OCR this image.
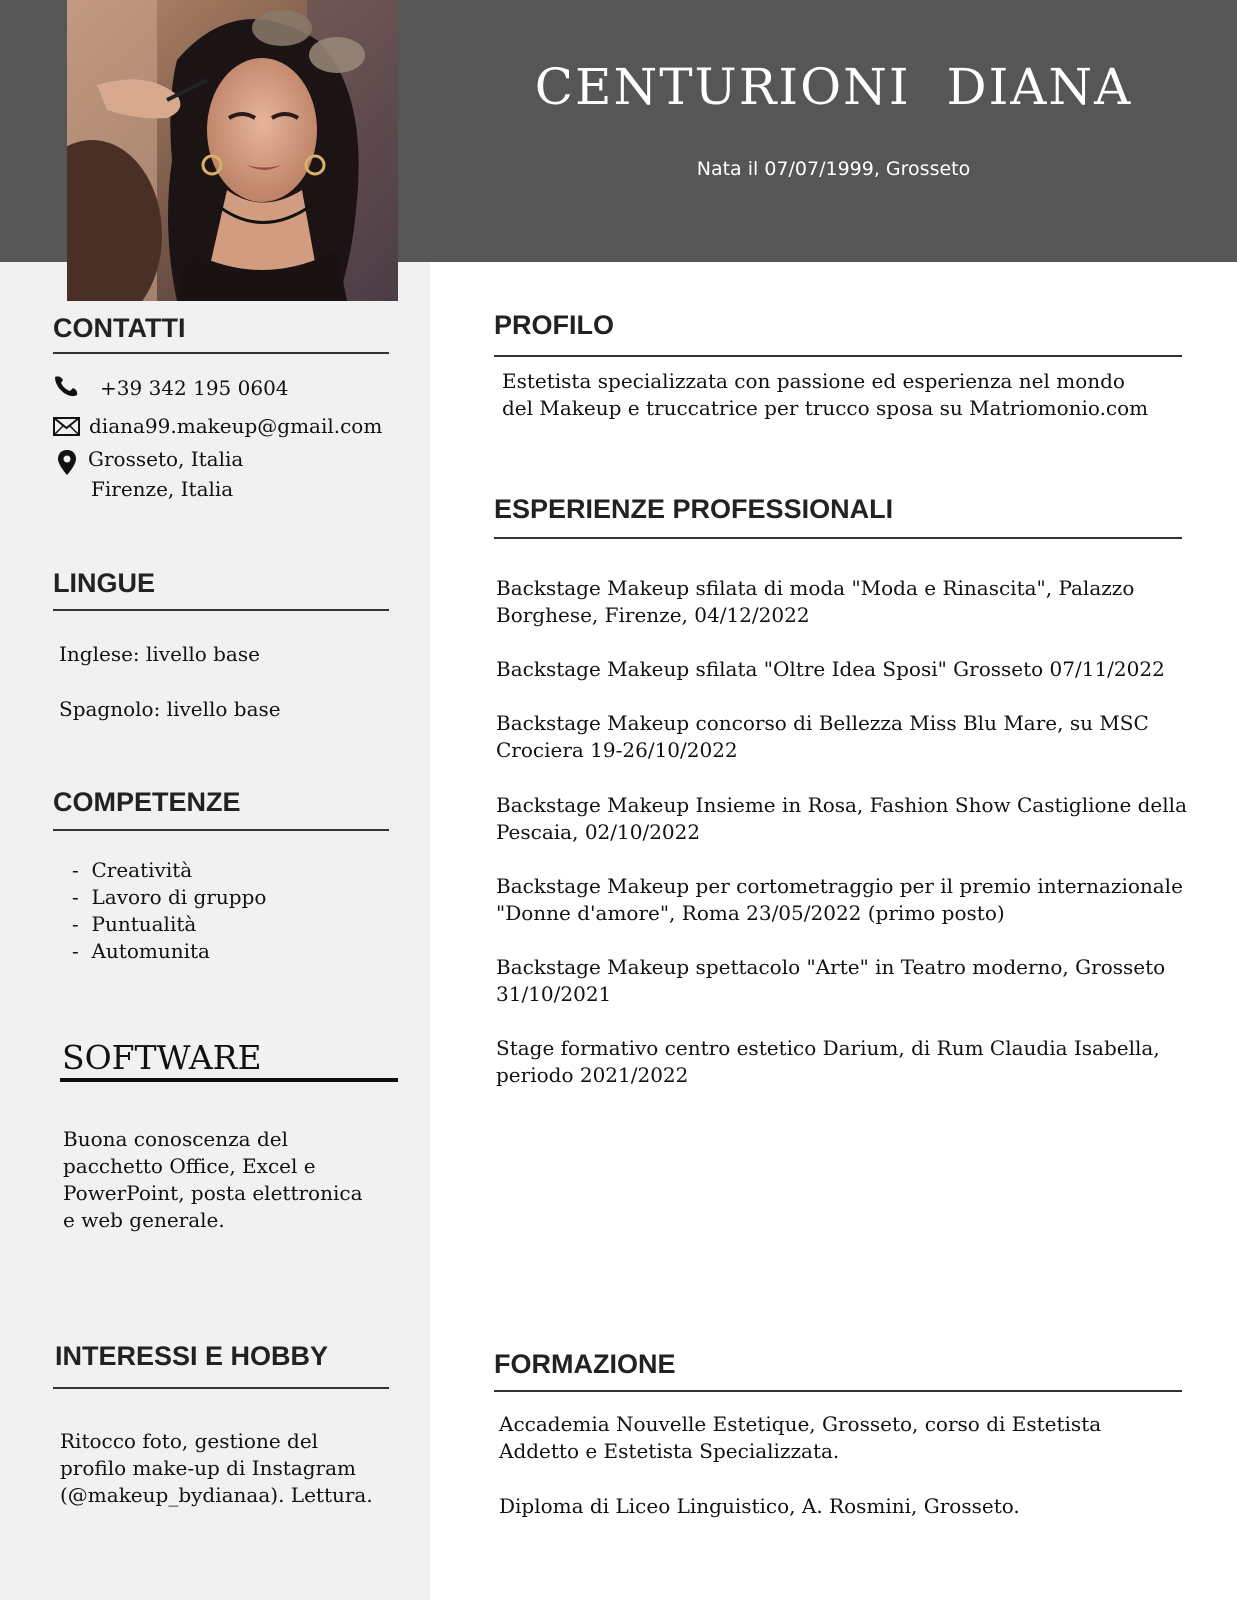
CENTURIONI DIANA
Nata il 07/07/1999, Grosseto
CONTATTI
+39 342 195 0604
diana99.makeup@gmail.com
Grosseto, Italia
Firenze, Italia
LINGUE
Inglese: livello base
Spagnolo: livello base
COMPETENZE
-  Creatività
-  Lavoro di gruppo
-  Puntualità
-  Automunita
SOFTWARE

Buona conoscenza del pacchetto Office, Excel e PowerPoint, posta elettronica e web generale.

INTERESSI E HOBBY

Ritocco foto, gestione del profilo make-up di Instagram (@makeup_bydianaa). Lettura.

PROFILO

Estetista specializzata con passione ed esperienza nel mondo del Makeup e truccatrice per trucco sposa su Matriomonio.com

ESPERIENZE PROFESSIONALI

Backstage Makeup sfilata di moda "Moda e Rinascita", Palazzo Borghese, Firenze, 04/12/2022

Backstage Makeup sfilata "Oltre Idea Sposi" Grosseto 07/11/2022

Backstage Makeup concorso di Bellezza Miss Blu Mare, su MSC Crociera 19-26/10/2022

Backstage Makeup Insieme in Rosa, Fashion Show Castiglione della Pescaia, 02/10/2022

Backstage Makeup per cortometraggio per il premio internazionale "Donne d'amore", Roma 23/05/2022 (primo posto)

Backstage Makeup spettacolo "Arte" in Teatro moderno, Grosseto 31/10/2021

Stage formativo centro estetico Darium, di Rum Claudia Isabella, periodo 2021/2022

FORMAZIONE

Accademia Nouvelle Estetique, Grosseto, corso di Estetista Addetto e Estetista Specializzata.

Diploma di Liceo Linguistico, A. Rosmini, Grosseto.
